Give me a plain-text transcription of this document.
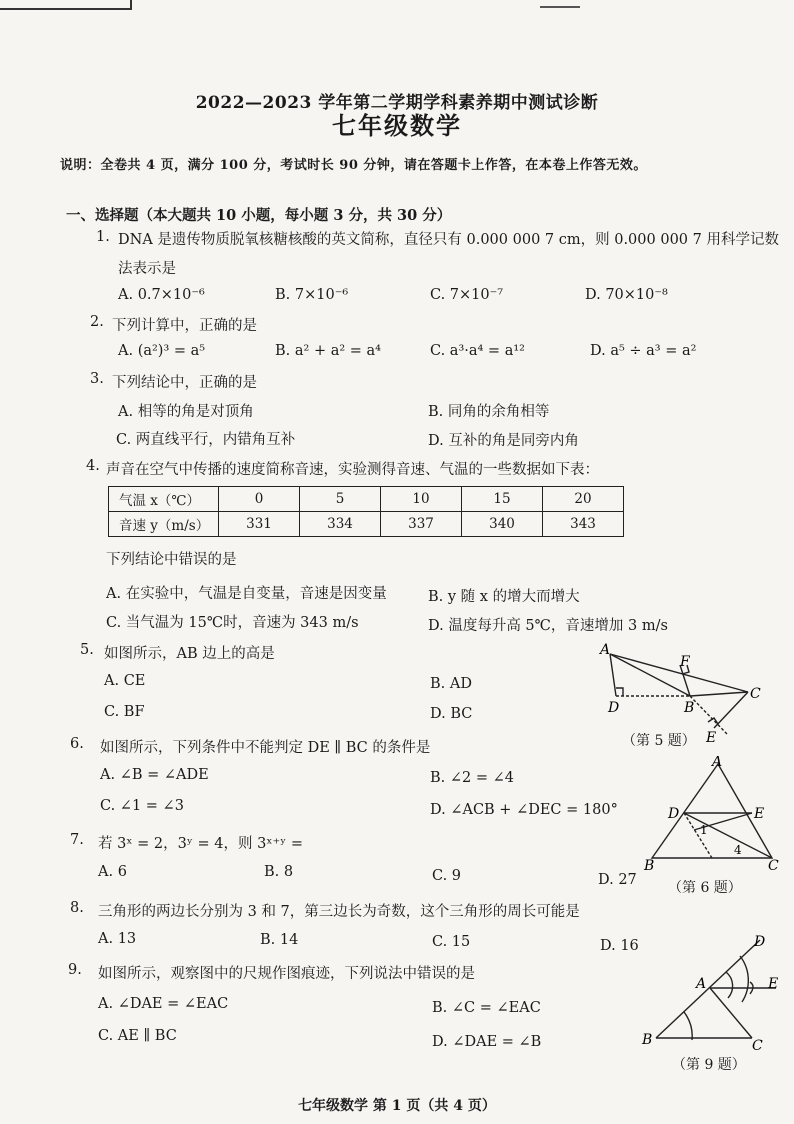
2022—2023 学年第二学期学科素养期中测试诊断
七年级数学
说明：全卷共 4 页，满分 100 分，考试时长 90 分钟，请在答题卡上作答，在本卷上作答无效。
一、选择题（本大题共 10 小题，每小题 3 分，共 30 分）
1. DNA 是遗传物质脱氧核糖核酸的英文简称，直径只有 0.000 000 7 cm，则 0.000 000 7 用科学记数
法表示是
A. 0.7×10⁻⁶	B. 7×10⁻⁶	C. 7×10⁻⁷	D. 70×10⁻⁸
2. 下列计算中，正确的是
A. (a²)³ = a⁵	B. a² + a² = a⁴	C. a³·a⁴ = a¹²	D. a⁵ ÷ a³ = a²
3. 下列结论中，正确的是
A. 相等的角是对顶角	B. 同角的余角相等
C. 两直线平行，内错角互补	D. 互补的角是同旁内角
4. 声音在空气中传播的速度简称音速，实验测得音速、气温的一些数据如下表：
气温 x（℃）	0	5	10	15	20
音速 y（m/s）	331	334	337	340	343
下列结论中错误的是
A. 在实验中，气温是自变量，音速是因变量	B. y 随 x 的增大而增大
C. 当气温为 15℃时，音速为 343 m/s	D. 温度每升高 5℃，音速增加 3 m/s
5. 如图所示，AB 边上的高是
A. CE	B. AD
C. BF	D. BC
A
F
C
D	B
E
（第 5 题）
6. 如图所示，下列条件中不能判定 DE ∥ BC 的条件是
A. ∠B = ∠ADE	B. ∠2 = ∠4
C. ∠1 = ∠3	D. ∠ACB + ∠DEC = 180°
A
D	E
B	C
1
4
（第 6 题）
7. 若 3ˣ = 2，3ʸ = 4，则 3ˣ⁺ʸ =
A. 6	B. 8	C. 9	D. 27
8. 三角形的两边长分别为 3 和 7，第三边长为奇数，这个三角形的周长可能是
A. 13	B. 14	C. 15	D. 16
9. 如图所示，观察图中的尺规作图痕迹，下列说法中错误的是
A. ∠DAE = ∠EAC	B. ∠C = ∠EAC
C. AE ∥ BC	D. ∠DAE = ∠B
D
A	E
B	C
（第 9 题）
七年级数学 第 1 页（共 4 页）
